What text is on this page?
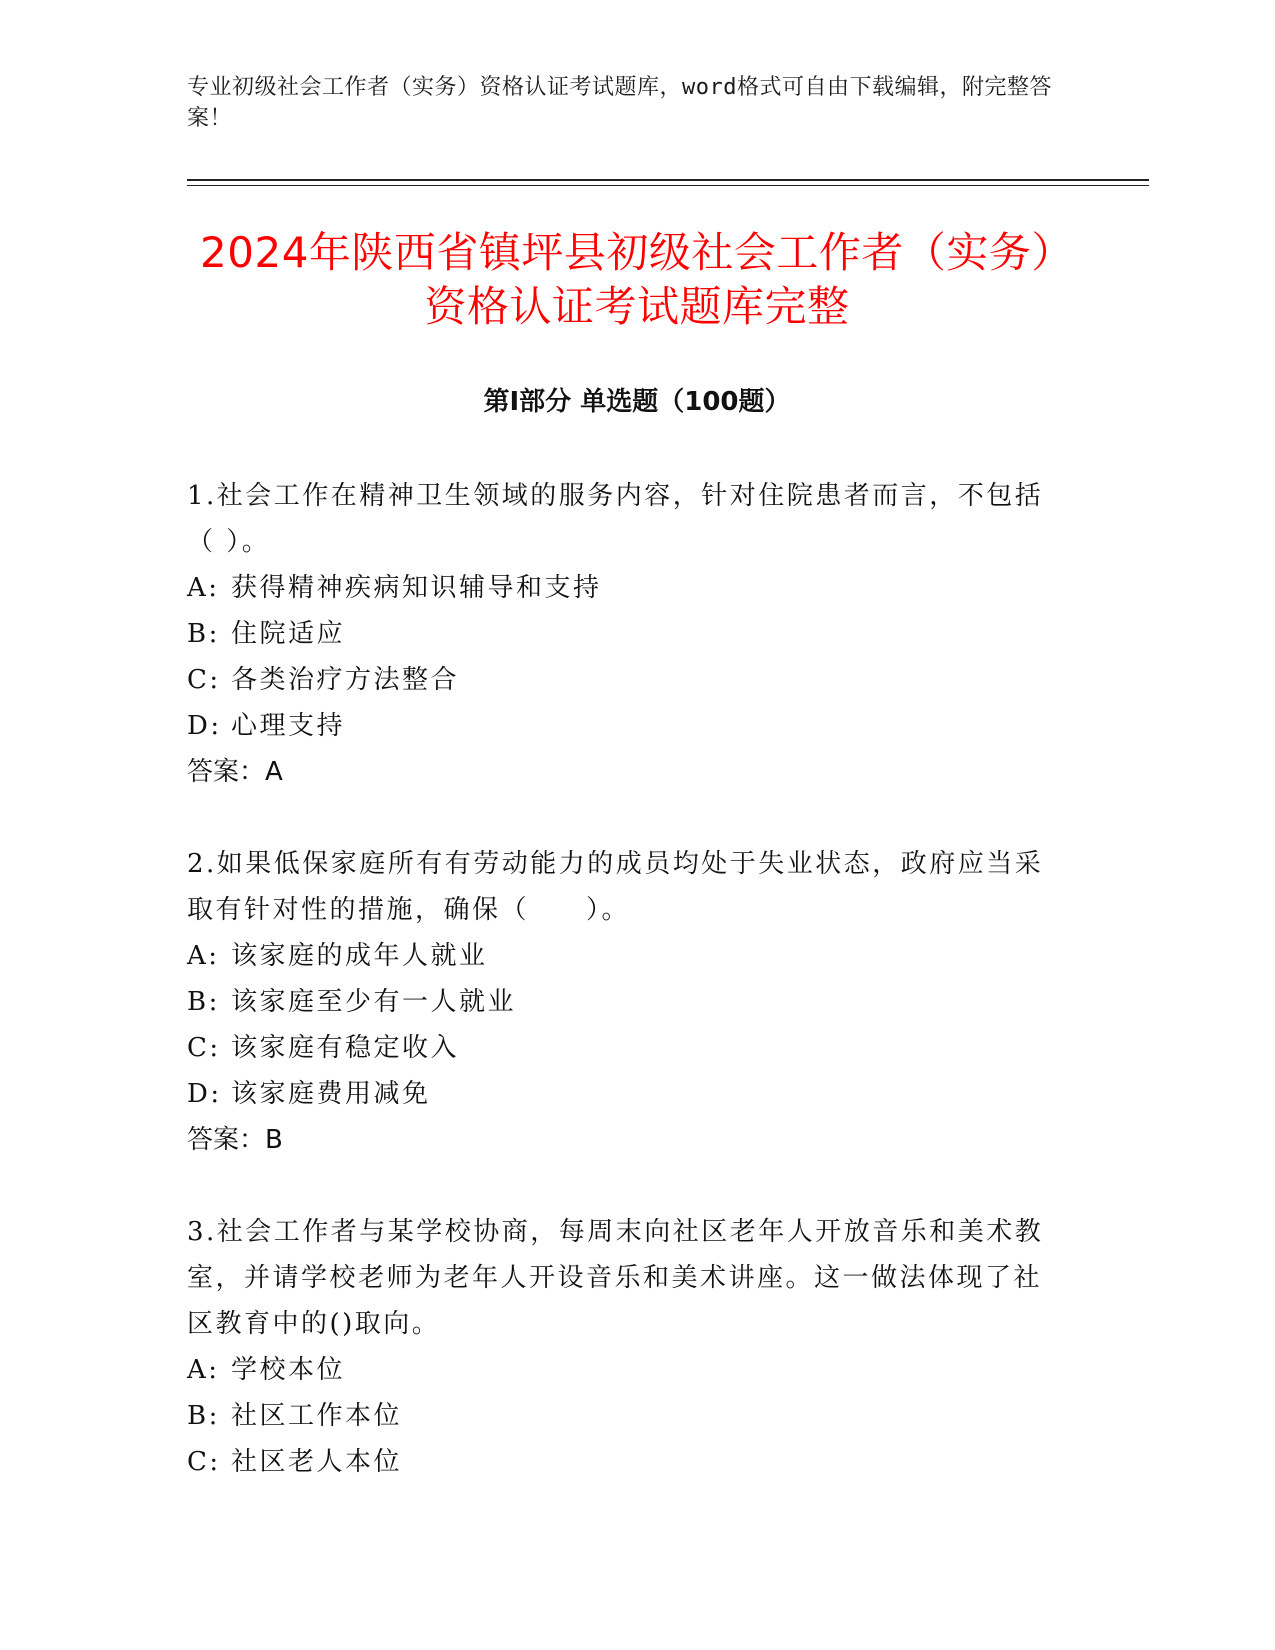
专业初级社会工作者（实务）资格认证考试题库，word格式可自由下载编辑，附完整答案！
2024年陕西省镇坪县初级社会工作者（实务）资格认证考试题库完整
第Ⅰ部分 单选题（100题）

1.社会工作在精神卫生领域的服务内容，针对住院患者而言，不包括（ ）。

A: 获得精神疾病知识辅导和支持
B: 住院适应
C: 各类治疗方法整合
D: 心理支持
答案：A

2.如果低保家庭所有有劳动能力的成员均处于失业状态，政府应当采取有针对性的措施，确保（　　）。

A: 该家庭的成年人就业
B: 该家庭至少有一人就业
C: 该家庭有稳定收入
D: 该家庭费用减免
答案：B

3.社会工作者与某学校协商，每周末向社区老年人开放音乐和美术教室，并请学校老师为老年人开设音乐和美术讲座。这一做法体现了社区教育中的()取向。

A: 学校本位
B: 社区工作本位
C: 社区老人本位
